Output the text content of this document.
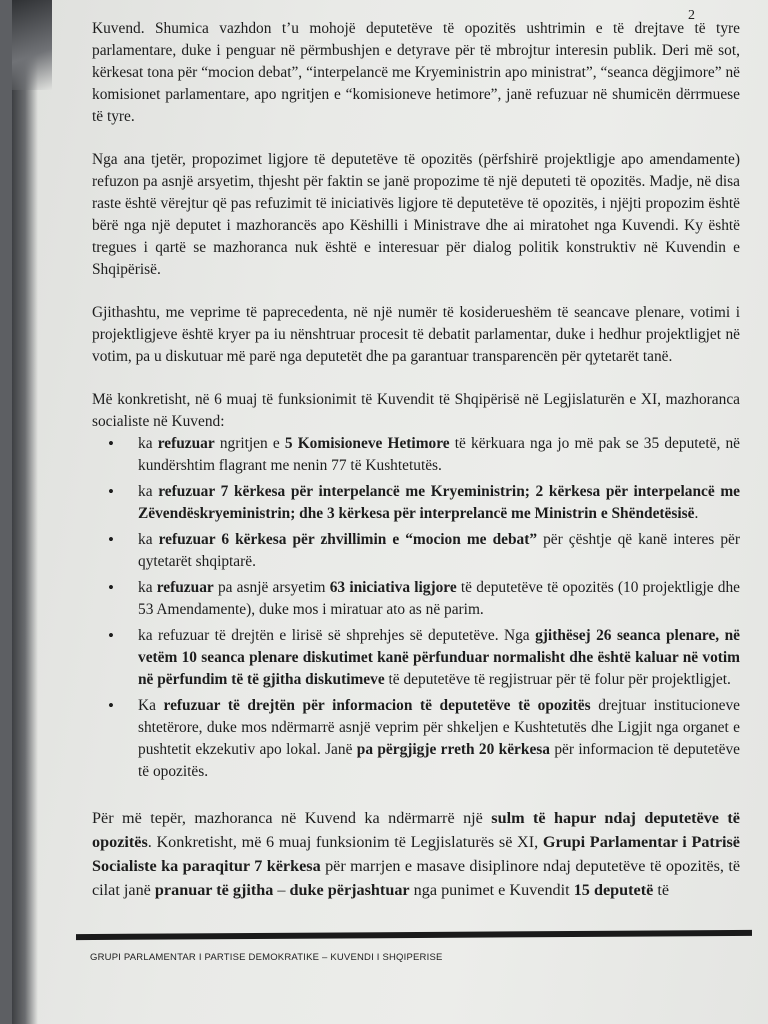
2

Kuvend. Shumica vazhdon t’u mohojë deputetëve të opozitës ushtrimin e të drejtave të tyre parlamentare, duke i penguar në përmbushjen e detyrave për të mbrojtur interesin publik. Deri më sot, kërkesat tona për “mocion debat”, “interpelancë me Kryeministrin apo ministrat”, “seanca dëgjimore” në komisionet parlamentare, apo ngritjen e “komisioneve hetimore”, janë refuzuar në shumicën dërrmuese të tyre.

Nga ana tjetër, propozimet ligjore të deputetëve të opozitës (përfshirë projektligje apo amendamente) refuzon pa asnjë arsyetim, thjesht për faktin se janë propozime të një deputeti të opozitës. Madje, në disa raste është vërejtur që pas refuzimit të iniciativës ligjore të deputetëve të opozitës, i njëjti propozim është bërë nga një deputet i mazhorancës apo Këshilli i Ministrave dhe ai miratohet nga Kuvendi. Ky është tregues i qartë se mazhoranca nuk është e interesuar për dialog politik konstruktiv në Kuvendin e Shqipërisë.

Gjithashtu, me veprime të paprecedenta, në një numër të kosiderueshëm të seancave plenare, votimi i projektligjeve është kryer pa iu nënshtruar procesit të debatit parlamentar, duke i hedhur projektligjet në votim, pa u diskutuar më parë nga deputetët dhe pa garantuar transparencën për qytetarët tanë.

Më konkretisht, në 6 muaj të funksionimit të Kuvendit të Shqipërisë në Legjislaturën e XI, mazhoranca socialiste në Kuvend:

• ka refuzuar ngritjen e 5 Komisioneve Hetimore të kërkuara nga jo më pak se 35 deputetë, në kundërshtim flagrant me nenin 77 të Kushtetutës.
• ka refuzuar 7 kërkesa për interpelancë me Kryeministrin; 2 kërkesa për interpelancë me Zëvendëskryeministrin; dhe 3 kërkesa për interprelancë me Ministrin e Shëndetësisë.
• ka refuzuar 6 kërkesa për zhvillimin e “mocion me debat” për çështje që kanë interes për qytetarët shqiptarë.
• ka refuzuar pa asnjë arsyetim 63 iniciativa ligjore të deputetëve të opozitës (10 projektligje dhe 53 Amendamente), duke mos i miratuar ato as në parim.
• ka refuzuar të drejtën e lirisë së shprehjes së deputetëve. Nga gjithësej 26 seanca plenare, në vetëm 10 seanca plenare diskutimet kanë përfunduar normalisht dhe është kaluar në votim në përfundim të të gjitha diskutimeve të deputetëve të regjistruar për të folur për projektligjet.
• Ka refuzuar të drejtën për informacion të deputetëve të opozitës drejtuar institucioneve shtetërore, duke mos ndërmarrë asnjë veprim për shkeljen e Kushtetutës dhe Ligjit nga organet e pushtetit ekzekutiv apo lokal. Janë pa përgjigje rreth 20 kërkesa për informacion të deputetëve të opozitës.

Për më tepër, mazhoranca në Kuvend ka ndërmarrë një sulm të hapur ndaj deputetëve të opozitës. Konkretisht, më 6 muaj funksionim të Legjislaturës së XI, Grupi Parlamentar i Patrisë Socialiste ka paraqitur 7 kërkesa për marrjen e masave disiplinore ndaj deputetëve të opozitës, të cilat janë pranuar të gjitha – duke përjashtuar nga punimet e Kuvendit 15 deputetë të

GRUPI PARLAMENTAR I PARTISE DEMOKRATIKE – KUVENDI I SHQIPERISE
